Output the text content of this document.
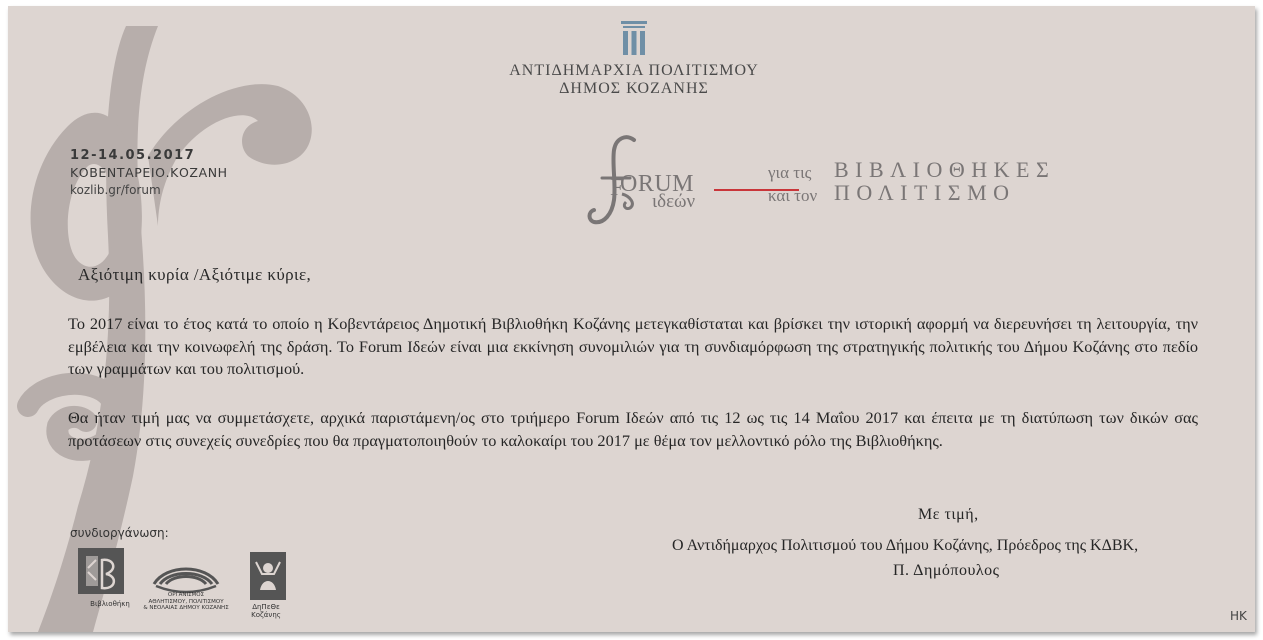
ΑΝΤΙΔΗΜΑΡΧΙΑ ΠΟΛΙΤΙΣΜΟΥ
ΔΗΜΟΣ ΚΟΖΑΝΗΣ
12-14.05.2017
ΚΟΒΕΝΤΑΡΕΙΟ.ΚΟΖΑΝΗ
kozlib.gr/forum	F
ORUM
ιδεών
για τις
και τον
ΒΙΒΛΙΟΘΗΚΕΣ
ΠΟΛΙΤΙΣΜΟ
Αξιότιμη κυρία /Αξιότιμε κύριε,
Το 2017 είναι το έτος κατά το οποίο η Κοβεντάρειος Δημοτική Βιβλιοθήκη Κοζάνης μετεγκαθίσταται και βρίσκει την ιστορική αφορμή να διερευνήσει τη λειτουργία, την εμβέλεια και την κοινωφελή της δράση. Το Forum Ιδεών είναι μια εκκίνηση συνομιλιών για τη συνδιαμόρφωση της στρατηγικής πολιτικής του Δήμου Κοζάνης στο πεδίο των γραμμάτων και του πολιτισμού.
Θα ήταν τιμή μας να συμμετάσχετε, αρχικά παριστάμενη/ος στο τριήμερο Forum Ιδεών από τις 12 ως τις 14 Μαΐου 2017 και έπειτα με τη διατύπωση των δικών σας προτάσεων στις συνεχείς συνεδρίες που θα πραγματοποιηθούν το καλοκαίρι του 2017 με θέμα τον μελλοντικό ρόλο της Βιβλιοθήκης.
Με τιμή,
Ο Αντιδήμαρχος Πολιτισμού του Δήμου Κοζάνης, Πρόεδρος της ΚΔΒΚ,
Π. Δημόπουλος
συνδιοργάνωση:
Βιβλιοθήκη
ΟΡΓΑΝΙΣΜΟΣ
ΑΘΛΗΤΙΣΜΟΥ, ΠΟΛΙΤΙΣΜΟΥ
& ΝΕΟΛΑΙΑΣ ΔΗΜΟΥ ΚΟΖΑΝΗΣ	ΔηΠεΘε
Κοζάνης	ΗΚ
